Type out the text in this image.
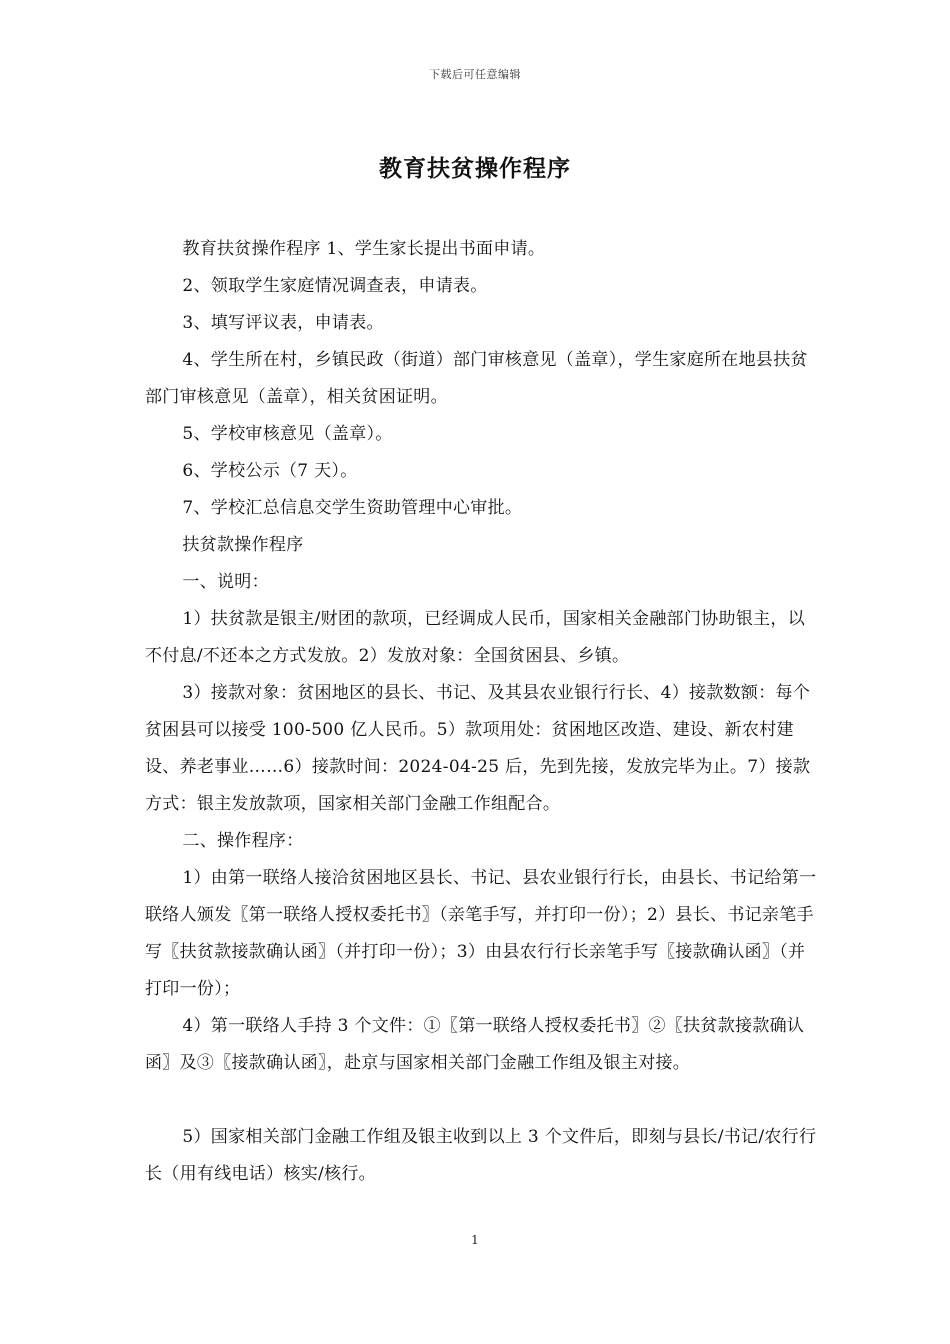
下载后可任意编辑
教育扶贫操作程序

教育扶贫操作程序 1、学生家长提出书面申请。

2、领取学生家庭情况调查表，申请表。

3、填写评议表，申请表。

4、学生所在村，乡镇民政（街道）部门审核意见（盖章），学生家庭所在地县扶贫部门审核意见（盖章），相关贫困证明。

5、学校审核意见（盖章）。

6、学校公示（7 天）。

7、学校汇总信息交学生资助管理中心审批。

扶贫款操作程序

一、说明：

1）扶贫款是银主/财团的款项，已经调成人民币，国家相关金融部门协助银主，以不付息/不还本之方式发放。2）发放对象：全国贫困县、乡镇。

3）接款对象：贫困地区的县长、书记、及其县农业银行行长、4）接款数额：每个贫困县可以接受 100-500 亿人民币。5）款项用处：贫困地区改造、建设、新农村建设、养老事业……6）接款时间：2024-04-25 后，先到先接，发放完毕为止。7）接款方式：银主发放款项，国家相关部门金融工作组配合。

二、操作程序：

1）由第一联络人接洽贫困地区县长、书记、县农业银行行长，由县长、书记给第一联络人颁发〖第一联络人授权委托书〗（亲笔手写，并打印一份）；2）县长、书记亲笔手写〖扶贫款接款确认函〗（并打印一份）；3）由县农行行长亲笔手写〖接款确认函〗（并打印一份）；

4）第一联络人手持 3 个文件：①〖第一联络人授权委托书〗②〖扶贫款接款确认函〗及③〖接款确认函〗，赴京与国家相关部门金融工作组及银主对接。

5）国家相关部门金融工作组及银主收到以上 3 个文件后，即刻与县长/书记/农行行长（用有线电话）核实/核行。

1
